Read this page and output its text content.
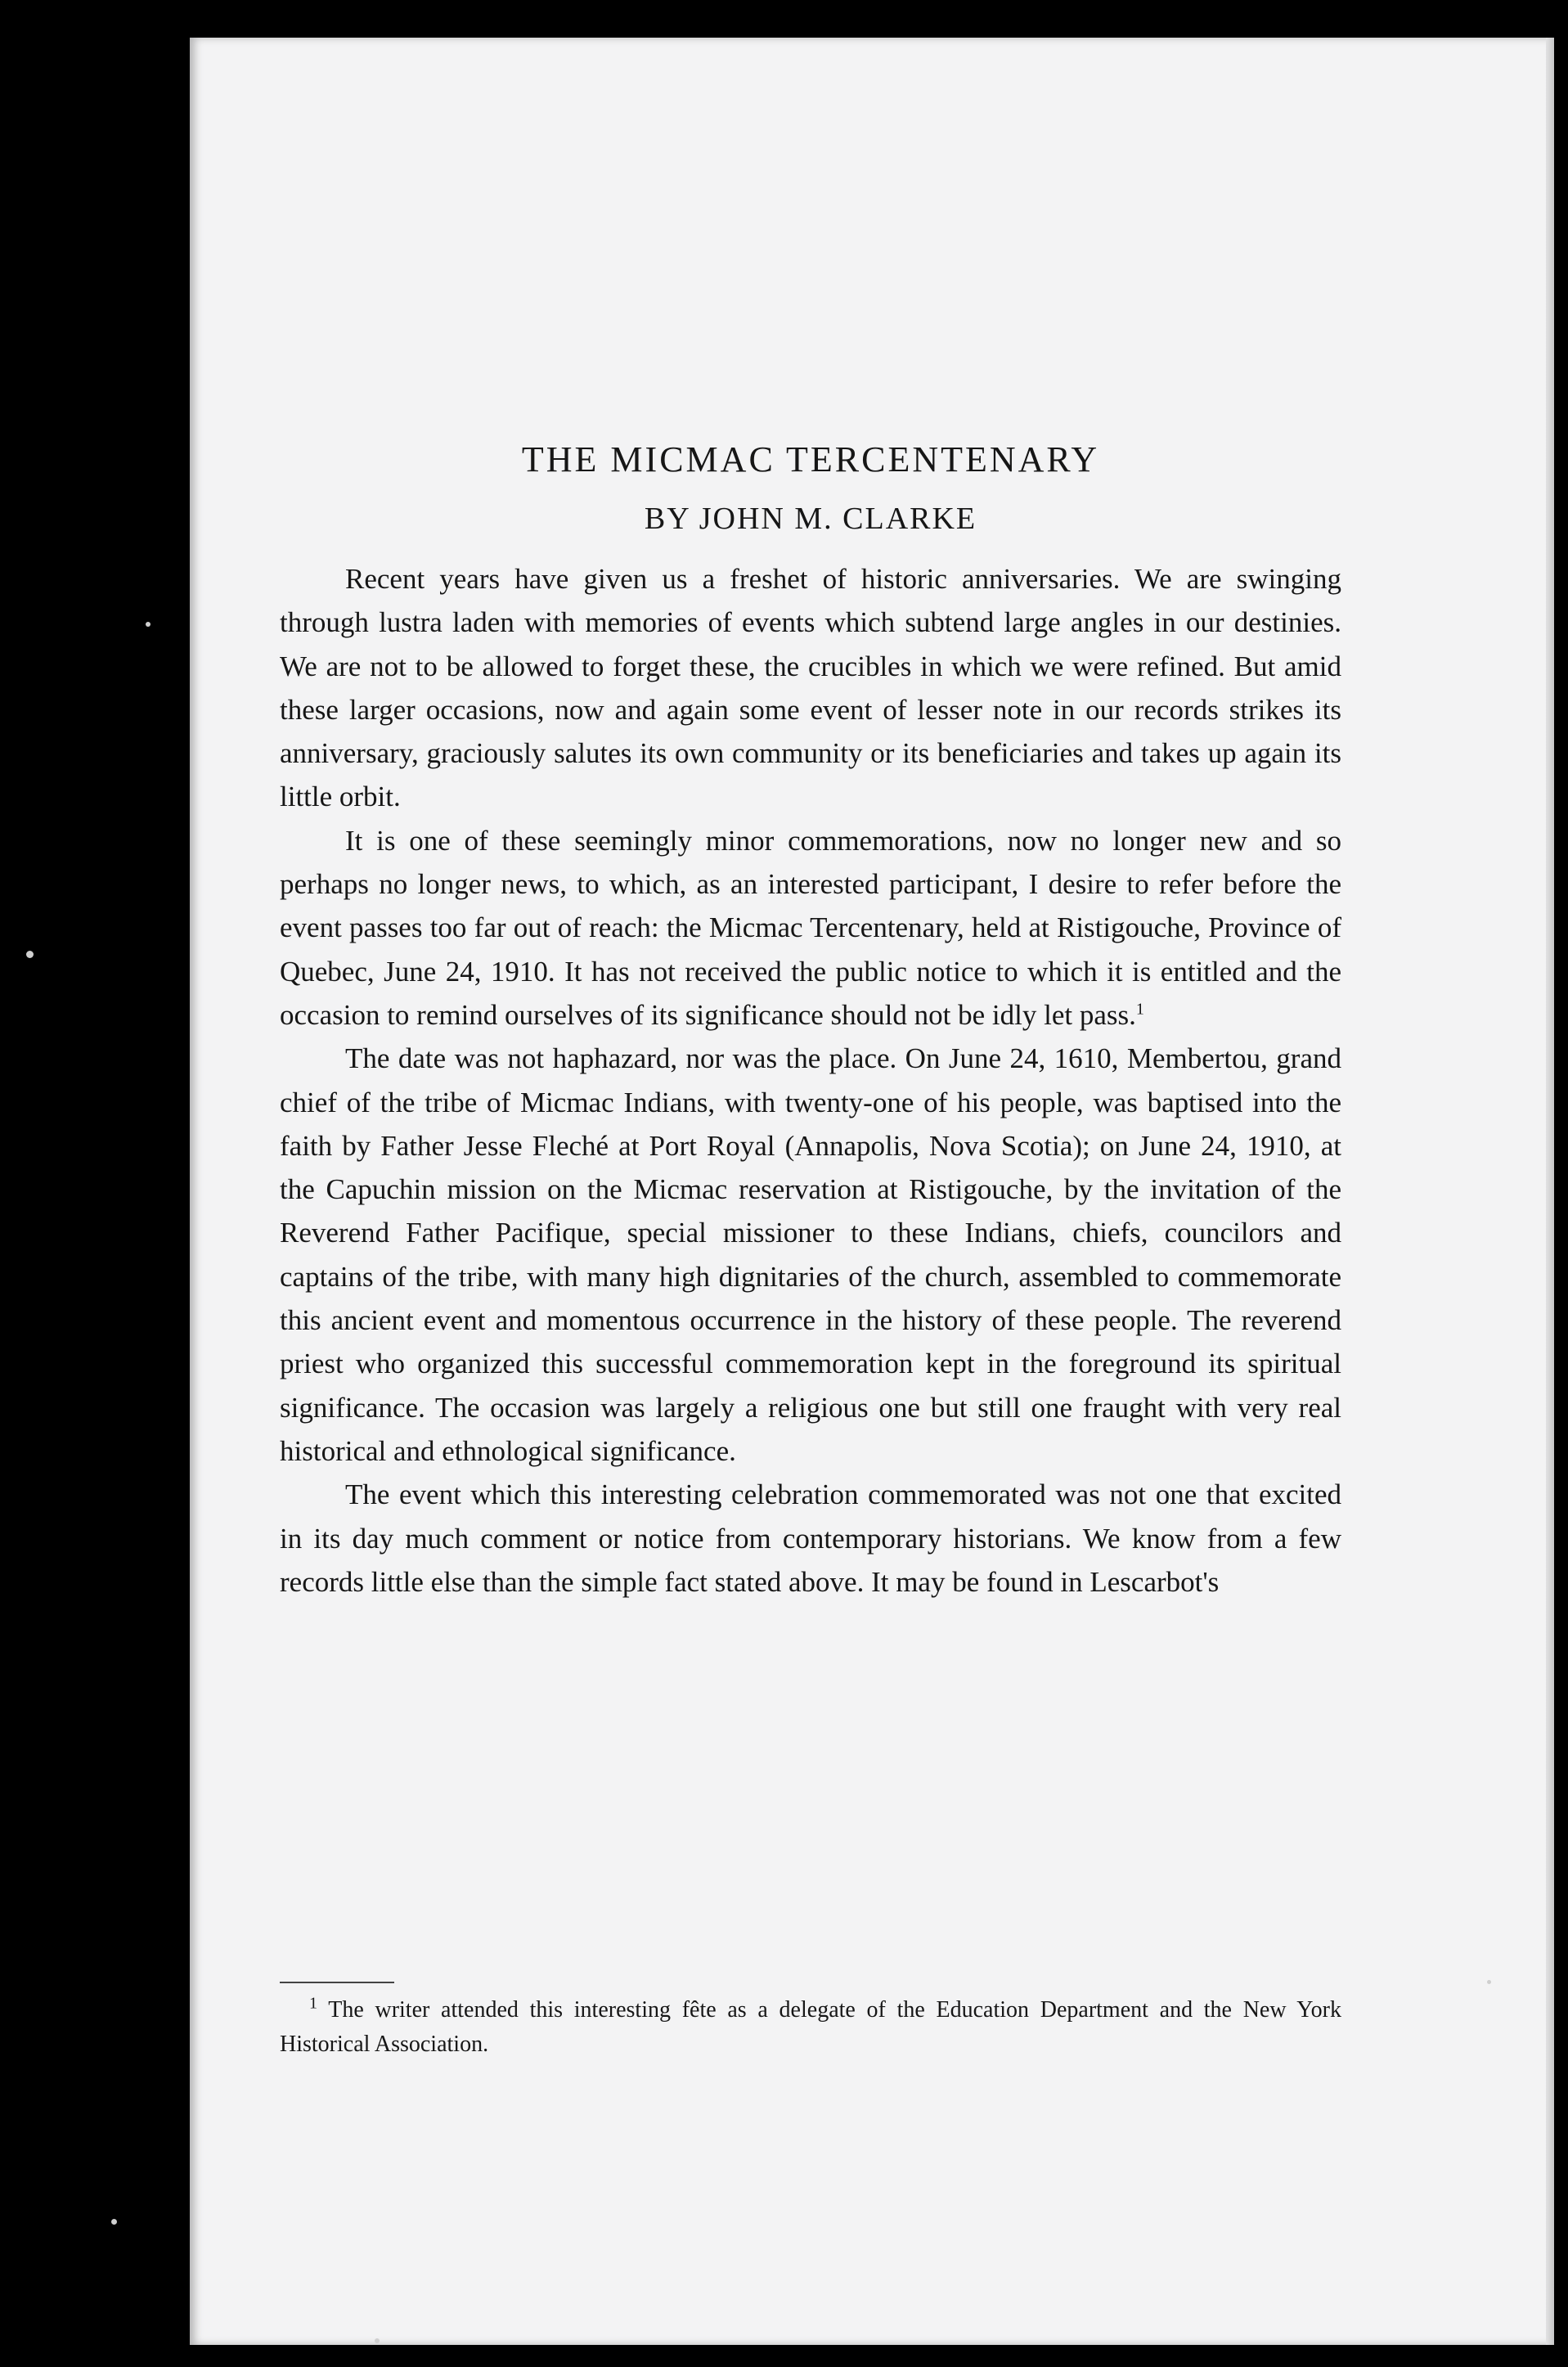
THE MICMAC TERCENTENARY
BY JOHN M. CLARKE

Recent years have given us a freshet of historic anniversaries. We are swinging through lustra laden with memories of events which subtend large angles in our destinies. We are not to be allowed to forget these, the crucibles in which we were refined. But amid these larger occasions, now and again some event of lesser note in our records strikes its anniversary, graciously salutes its own community or its beneficiaries and takes up again its little orbit.

It is one of these seemingly minor commemorations, now no longer new and so perhaps no longer news, to which, as an interested participant, I desire to refer before the event passes too far out of reach: the Micmac Tercentenary, held at Ristigouche, Province of Quebec, June 24, 1910. It has not received the public notice to which it is entitled and the occasion to remind ourselves of its significance should not be idly let pass.$^1$

The date was not haphazard, nor was the place. On June 24, 1610, Membertou, grand chief of the tribe of Micmac Indians, with twenty-one of his people, was baptised into the faith by Father Jesse Fleché at Port Royal (Annapolis, Nova Scotia); on June 24, 1910, at the Capuchin mission on the Micmac reservation at Ristigouche, by the invitation of the Reverend Father Pacifique, special missioner to these Indians, chiefs, councilors and captains of the tribe, with many high dignitaries of the church, assembled to commemorate this ancient event and momentous occurrence in the history of these people. The reverend priest who organized this successful commemoration kept in the foreground its spiritual significance. The occasion was largely a religious one but still one fraught with very real historical and ethnological significance.

The event which this interesting celebration commemorated was not one that excited in its day much comment or notice from contemporary historians. We know from a few records little else than the simple fact stated above. It may be found in Lescarbot's

$^1$ The writer attended this interesting fête as a delegate of the Education Department and the New York Historical Association.
